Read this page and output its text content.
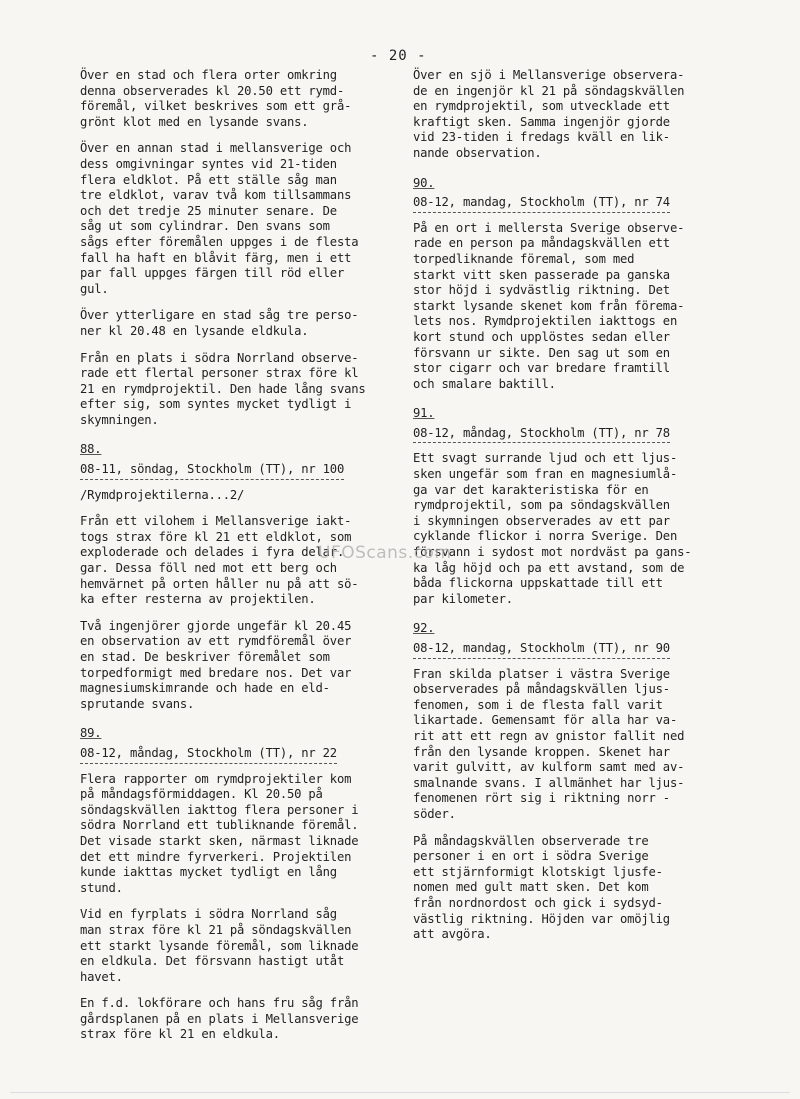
- 20 -

Över en stad och flera orter omkring
denna observerades kl 20.50 ett rymd-
föremål, vilket beskrives som ett grå-
grönt klot med en lysande svans.

Över en annan stad i mellansverige och
dess omgivningar syntes vid 21-tiden
flera eldklot. På ett ställe såg man
tre eldklot, varav två kom tillsammans
och det tredje 25 minuter senare. De
såg ut som cylindrar. Den svans som
sågs efter föremålen uppges i de flesta
fall ha haft en blåvit färg, men i ett
par fall uppges färgen till röd eller
gul.

Över ytterligare en stad såg tre perso-
ner kl 20.48 en lysande eldkula.

Från en plats i södra Norrland observe-
rade ett flertal personer strax före kl
21 en rymdprojektil. Den hade lång svans
efter sig, som syntes mycket tydligt i
skymningen.

88.
08-11, söndag, Stockholm (TT), nr 100

/Rymdprojektilerna...2/

Från ett vilohem i Mellansverige iakt-
togs strax före kl 21 ett eldklot, som
exploderade och delades i fyra delar.
gar. Dessa föll ned mot ett berg och
hemvärnet på orten håller nu på att sö-
ka efter resterna av projektilen.

Två ingenjörer gjorde ungefär kl 20.45
en observation av ett rymdföremål över
en stad. De beskriver föremålet som
torpedformigt med bredare nos. Det var
magnesiumskimrande och hade en eld-
sprutande svans.

89.
08-12, måndag, Stockholm (TT), nr 22

Flera rapporter om rymdprojektiler kom
på måndagsförmiddagen. Kl 20.50 på
söndagskvällen iakttog flera personer i
södra Norrland ett tubliknande föremål.
Det visade starkt sken, närmast liknade
det ett mindre fyrverkeri. Projektilen
kunde iakttas mycket tydligt en lång
stund.

Vid en fyrplats i södra Norrland såg
man strax före kl 21 på söndagskvällen
ett starkt lysande föremål, som liknade
en eldkula. Det försvann hastigt utåt
havet.

En f.d. lokförare och hans fru såg från
gårdsplanen på en plats i Mellansverige
strax före kl 21 en eldkula.

Över en sjö i Mellansverige observera-
de en ingenjör kl 21 på söndagskvällen
en rymdprojektil, som utvecklade ett
kraftigt sken. Samma ingenjör gjorde
vid 23-tiden i fredags kväll en lik-
nande observation.

90.
08-12, mandag, Stockholm (TT), nr 74

På en ort i mellersta Sverige observe-
rade en person pa måndagskvällen ett
torpedliknande föremal, som med
starkt vitt sken passerade pa ganska
stor höjd i sydvästlig riktning. Det
starkt lysande skenet kom från förema-
lets nos. Rymdprojektilen iakttogs en
kort stund och upplöstes sedan eller
försvann ur sikte. Den sag ut som en
stor cigarr och var bredare framtill
och smalare baktill.

91.
08-12, måndag, Stockholm (TT), nr 78

Ett svagt surrande ljud och ett ljus-
sken ungefär som fran en magnesiumlå-
ga var det karakteristiska för en
rymdprojektil, som pa söndagskvällen
i skymningen observerades av ett par
cyklande flickor i norra Sverige. Den
försvann i sydost mot nordväst pa gans-
ka låg höjd och pa ett avstand, som de
båda flickorna uppskattade till ett
par kilometer.

92.
08-12, mandag, Stockholm (TT), nr 90

Fran skilda platser i västra Sverige
observerades på måndagskvällen ljus-
fenomen, som i de flesta fall varit
likartade. Gemensamt för alla har va-
rit att ett regn av gnistor fallit ned
från den lysande kroppen. Skenet har
varit gulvitt, av kulform samt med av-
smalnande svans. I allmänhet har ljus-
fenomenen rört sig i riktning norr -
söder.

På måndagskvällen observerade tre
personer i en ort i södra Sverige
ett stjärnformigt klotskigt ljusfe-
nomen med gult matt sken. Det kom
från nordnordost och gick i sydsyd-
västlig riktning. Höjden var omöjlig
att avgöra.

UFOScans.com
